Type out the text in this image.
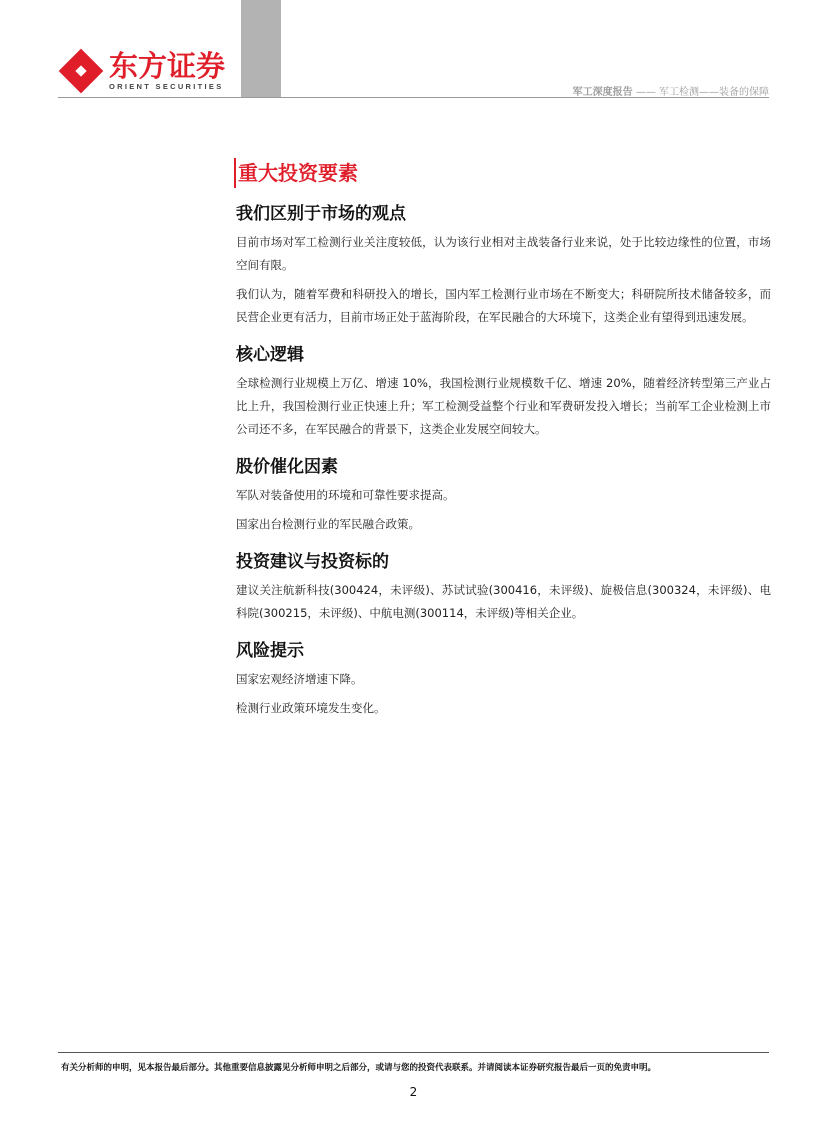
东方证券
ORIENT SECURITIES
军工深度报告 —— 军工检测——装备的保障
重大投资要素
我们区别于市场的观点
目前市场对军工检测行业关注度较低，认为该行业相对主战装备行业来说，处于比较边缘性的位置，市场空间有限。
我们认为，随着军费和科研投入的增长，国内军工检测行业市场在不断变大；科研院所技术储备较多，而民营企业更有活力，目前市场正处于蓝海阶段，在军民融合的大环境下，这类企业有望得到迅速发展。
核心逻辑
全球检测行业规模上万亿、增速 10%，我国检测行业规模数千亿、增速 20%，随着经济转型第三产业占比上升，我国检测行业正快速上升；军工检测受益整个行业和军费研发投入增长；当前军工企业检测上市公司还不多，在军民融合的背景下，这类企业发展空间较大。
股价催化因素
军队对装备使用的环境和可靠性要求提高。
国家出台检测行业的军民融合政策。
投资建议与投资标的
建议关注航新科技(300424，未评级)、苏试试验(300416，未评级)、旋极信息(300324，未评级)、电科院(300215，未评级)、中航电测(300114，未评级)等相关企业。
风险提示
国家宏观经济增速下降。
检测行业政策环境发生变化。
有关分析师的申明，见本报告最后部分。其他重要信息披露见分析师申明之后部分，或请与您的投资代表联系。并请阅读本证券研究报告最后一页的免责申明。
2
